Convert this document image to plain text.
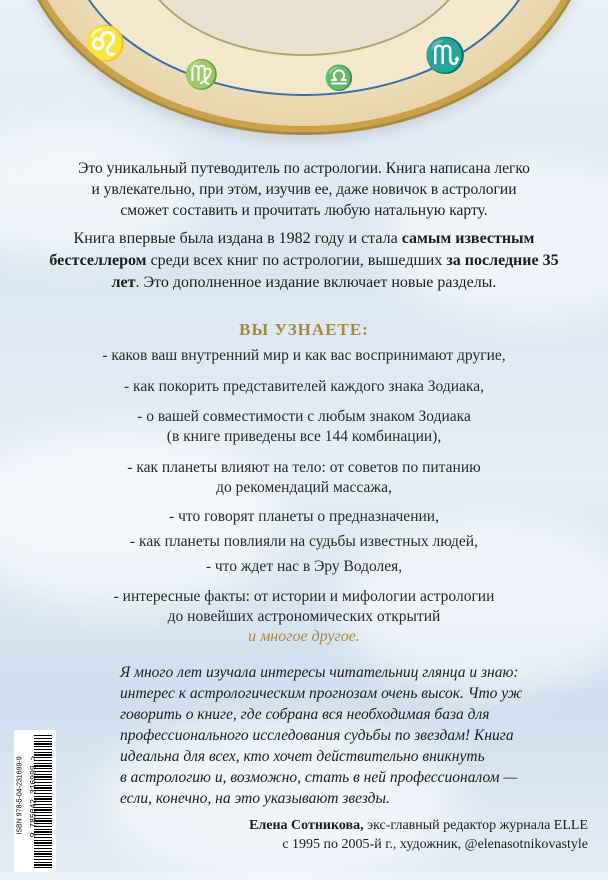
♌
♍	♎
♏

Это уникальный путеводитель по астрологии. Книга написана легко
и увлекательно, при этом, изучив ее, даже новичок в астрологии
сможет составить и прочитать любую натальную карту.

Книга впервые была издана в 1982 году и стала самым известным бестселлером среди всех книг по астрологии, вышедших за последние 35 лет. Это дополненное издание включает новые разделы.

ВЫ УЗНАЕТЕ:

- каков ваш внутренний мир и как вас воспринимают другие,

- как покорить представителей каждого знака Зодиака,

- о вашей совместимости с любым знаком Зодиака

(в книге приведены все 144 комбинации),

- как планеты влияют на тело: от советов по питанию

до рекомендаций массажа,

- что говорят планеты о предназначении,

- как планеты повлияли на судьбы известных людей,

- что ждет нас в Эру Водолея,

- интересные факты: от истории и мифологии астрологии

до новейших астрономических открытий

и многое другое.

Я много лет изучала интересы читательниц глянца и знаю:
интерес к астрологическим прогнозам очень высок. Что уж
говорить о книге, где собрана вся необходимая база для
профессионального исследования судьбы по звездам! Книга
идеальна для всех, кто хочет действительно вникнуть
в астрологию и, возможно, стать в ней профессионалом —
если, конечно, на это указывают звезды.
Елена Сотникова, экс-главный редактор журнала ELLE
с 1995 по 2005-й г., художник, @elenasotnikovastyle
ISBN 978-5-04-231699-9 9 785042 316999 >
